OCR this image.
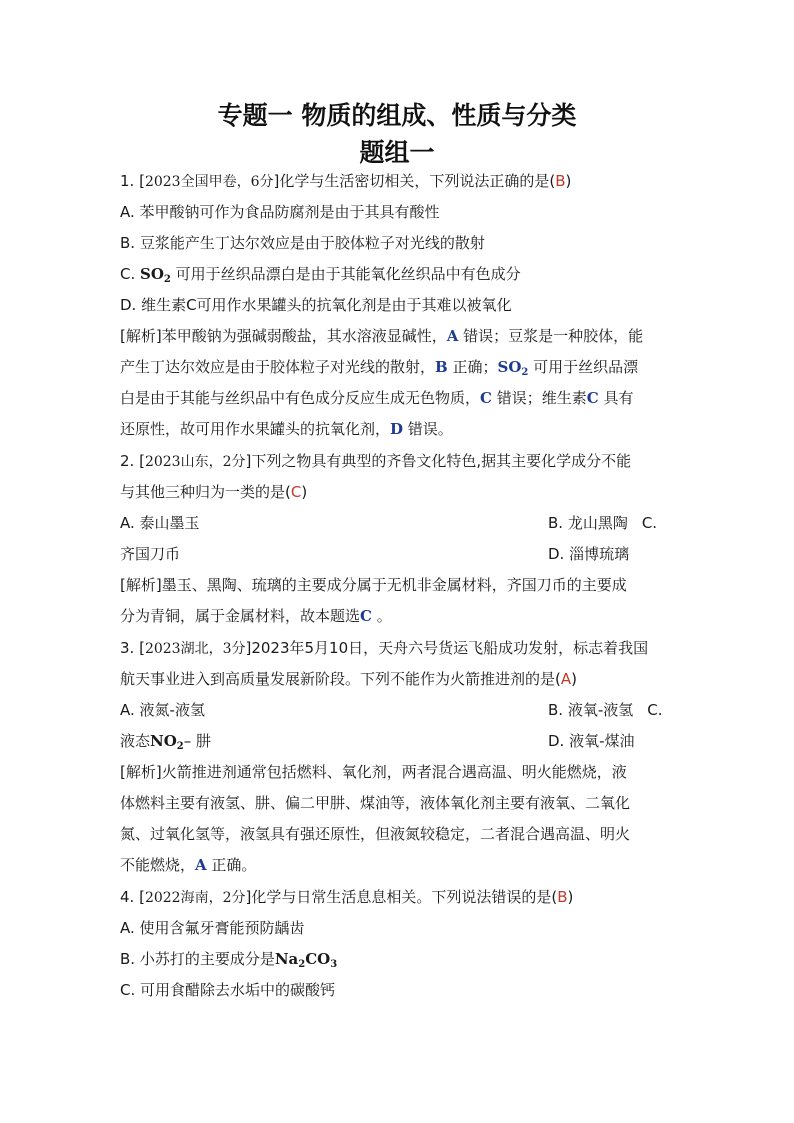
专题一 物质的组成、性质与分类
题组一
1. [2023全国甲卷，6分]化学与生活密切相关，下列说法正确的是(B)
A. 苯甲酸钠可作为食品防腐剂是由于其具有酸性
B. 豆浆能产生丁达尔效应是由于胶体粒子对光线的散射
C. $SO_2$ 可用于丝织品漂白是由于其能氧化丝织品中有色成分
D. 维生素C可用作水果罐头的抗氧化剂是由于其难以被氧化
[解析]苯甲酸钠为强碱弱酸盐，其水溶液显碱性，A 错误；豆浆是一种胶体，能
产生丁达尔效应是由于胶体粒子对光线的散射，B 正确；$SO_2$ 可用于丝织品漂
白是由于其能与丝织品中有色成分反应生成无色物质，C 错误；维生素C 具有
还原性，故可用作水果罐头的抗氧化剂，D 错误。
2. [2023山东，2分]下列之物具有典型的齐鲁文化特色,据其主要化学成分不能
与其他三种归为一类的是(C)
A. 泰山墨玉	B. 龙山黑陶 C.
齐国刀币	D. 淄博琉璃
[解析]墨玉、黑陶、琉璃的主要成分属于无机非金属材料，齐国刀币的主要成
分为青铜，属于金属材料，故本题选C 。
3. [2023湖北，3分]2023年5月10日，天舟六号货运飞船成功发射，标志着我国
航天事业进入到高质量发展新阶段。下列不能作为火箭推进剂的是(A)
A. 液氮-液氢	B. 液氧-液氢 C.
液态$NO_2-$ 肼	D. 液氧-煤油
[解析]火箭推进剂通常包括燃料、氧化剂，两者混合遇高温、明火能燃烧，液
体燃料主要有液氢、肼、偏二甲肼、煤油等，液体氧化剂主要有液氧、二氧化
氮、过氧化氢等，液氢具有强还原性，但液氮较稳定，二者混合遇高温、明火
不能燃烧，A 正确。
4. [2022海南，2分]化学与日常生活息息相关。下列说法错误的是(B)
A. 使用含氟牙膏能预防龋齿
B. 小苏打的主要成分是$Na_2CO_3$
C. 可用食醋除去水垢中的碳酸钙
